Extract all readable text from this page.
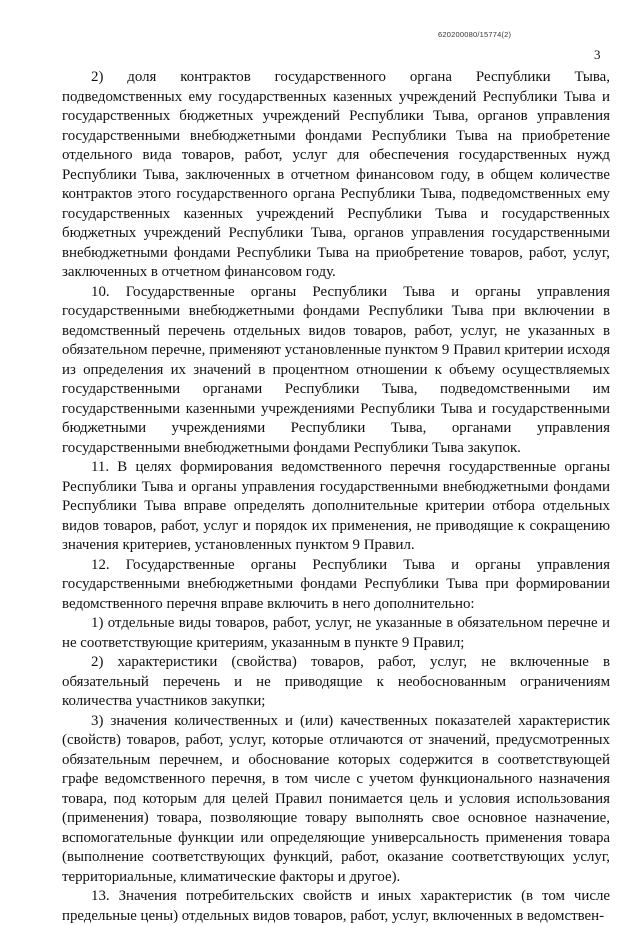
620200080/15774(2)
3

2) доля контрактов государственного органа Республики Тыва, подведомственных ему государственных казенных учреждений Республики Тыва и государственных бюджетных учреждений Республики Тыва, органов управления государственными внебюджетными фондами Республики Тыва на приобретение отдельного вида товаров, работ, услуг для обеспечения государственных нужд Республики Тыва, заключенных в отчетном финансовом году, в общем количестве контрактов этого государственного органа Республики Тыва, подведомственных ему государственных казенных учреждений Республики Тыва и государственных бюджетных учреждений Республики Тыва, органов управления государственными внебюджетными фондами Республики Тыва на приобретение товаров, работ, услуг, заключенных в отчетном финансовом году.

10. Государственные органы Республики Тыва и органы управления государственными внебюджетными фондами Республики Тыва при включении в ведомственный перечень отдельных видов товаров, работ, услуг, не указанных в обязательном перечне, применяют установленные пунктом 9 Правил критерии исходя из определения их значений в процентном отношении к объему осуществляемых государственными органами Республики Тыва, подведомственными им государственными казенными учреждениями Республики Тыва и государственными бюджетными учреждениями Республики Тыва, органами управления государственными внебюджетными фондами Республики Тыва закупок.

11. В целях формирования ведомственного перечня государственные органы Республики Тыва и органы управления государственными внебюджетными фондами Республики Тыва вправе определять дополнительные критерии отбора отдельных видов товаров, работ, услуг и порядок их применения, не приводящие к сокращению значения критериев, установленных пунктом 9 Правил.

12. Государственные органы Республики Тыва и органы управления государственными внебюджетными фондами Республики Тыва при формировании ведомственного перечня вправе включить в него дополнительно:

1) отдельные виды товаров, работ, услуг, не указанные в обязательном перечне и не соответствующие критериям, указанным в пункте 9 Правил;

2) характеристики (свойства) товаров, работ, услуг, не включенные в обязательный перечень и не приводящие к необоснованным ограничениям количества участников закупки;

3) значения количественных и (или) качественных показателей характеристик (свойств) товаров, работ, услуг, которые отличаются от значений, предусмотренных обязательным перечнем, и обоснование которых содержится в соответствующей графе ведомственного перечня, в том числе с учетом функционального назначения товара, под которым для целей Правил понимается цель и условия использования (применения) товара, позволяющие товару выполнять свое основное назначение, вспомогательные функции или определяющие универсальность применения товара (выполнение соответствующих функций, работ, оказание соответствующих услуг, территориальные, климатические факторы и другое).

13. Значения потребительских свойств и иных характеристик (в том числе предельные цены) отдельных видов товаров, работ, услуг, включенных в ведомствен-
